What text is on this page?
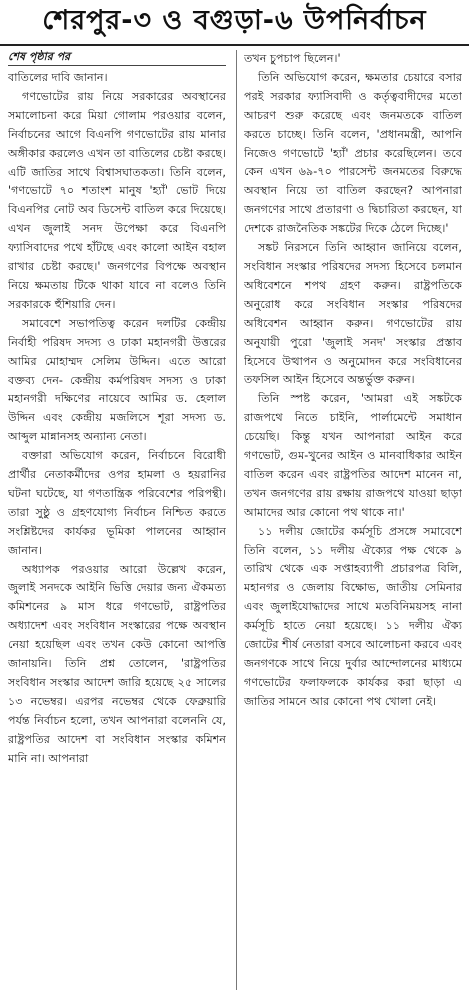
শেরপুর-৩ ও বগুড়া-৬ উপনির্বাচন

শেষ পৃষ্ঠার পর

বাতিলের দাবি জানান।

গণভোটের রায় নিয়ে সরকারের অবস্থানের সমালোচনা করে মিয়া গোলাম পরওয়ার বলেন, নির্বাচনের আগে বিএনপি গণভোটের রায় মানার অঙ্গীকার করলেও এখন তা বাতিলের চেষ্টা করছে। এটি জাতির সাথে বিশ্বাসঘাতকতা। তিনি বলেন, 'গণভোটে ৭০ শতাংশ মানুষ 'হ্যাঁ' ভোট দিয়ে বিএনপির নোট অব ডিসেন্ট বাতিল করে দিয়েছে। এখন জুলাই সনদ উপেক্ষা করে বিএনপি ফ্যাসিবাদের পথে হাঁটছে এবং কালো আইন বহাল রাখার চেষ্টা করছে।' জনগণের বিপক্ষে অবস্থান নিয়ে ক্ষমতায় টিকে থাকা যাবে না বলেও তিনি সরকারকে হুঁশিয়ারি দেন।

সমাবেশে সভাপতিত্ব করেন দলটির কেন্দ্রীয় নির্বাহী পরিষদ সদস্য ও ঢাকা মহানগরী উত্তরের আমির মোহাম্মদ সেলিম উদ্দিন। এতে আরো বক্তব্য দেন- কেন্দ্রীয় কর্মপরিষদ সদস্য ও ঢাকা মহানগরী দক্ষিণের নায়েবে আমির ড. হেলাল উদ্দিন এবং কেন্দ্রীয় মজলিসে শূরা সদস্য ড. আব্দুল মান্নানসহ অন্যান্য নেতা।

বক্তারা অভিযোগ করেন, নির্বাচনে বিরোধী প্রার্থীর নেতাকর্মীদের ওপর হামলা ও হয়রানির ঘটনা ঘটেছে, যা গণতান্ত্রিক পরিবেশের পরিপন্থী। তারা সুষ্ঠু ও গ্রহণযোগ্য নির্বাচন নিশ্চিত করতে সংশ্লিষ্টদের কার্যকর ভূমিকা পালনের আহ্বান জানান।

অধ্যাপক পরওয়ার আরো উল্লেখ করেন, জুলাই সনদকে আইনি ভিত্তি দেয়ার জন্য ঐকমত্য কমিশনের ৯ মাস ধরে গণভোট, রাষ্ট্রপতির অধ্যাদেশ এবং সংবিধান সংস্কারের পক্ষে অবস্থান নেয়া হয়েছিল এবং তখন কেউ কোনো আপত্তি জানায়নি। তিনি প্রশ্ন তোলেন, 'রাষ্ট্রপতির সংবিধান সংস্কার আদেশ জারি হয়েছে ২৫ সালের ১৩ নভেম্বর। এরপর নভেম্বর থেকে ফেব্রুয়ারি পর্যন্ত নির্বাচন হলো, তখন আপনারা বলেননি যে, রাষ্ট্রপতির আদেশ বা সংবিধান সংস্কার কমিশন মানি না। আপনারা

তখন চুপচাপ ছিলেন।'

তিনি অভিযোগ করেন, ক্ষমতার চেয়ারে বসার পরই সরকার ফ্যাসিবাদী ও কর্তৃত্ববাদীদের মতো আচরণ শুরু করেছে এবং জনমতকে বাতিল করতে চাচ্ছে। তিনি বলেন, 'প্রধানমন্ত্রী, আপনি নিজেও গণভোটে 'হ্যাঁ' প্রচার করেছিলেন। তবে কেন এখন ৬৯-৭০ পারসেন্ট জনমতের বিরুদ্ধে অবস্থান নিয়ে তা বাতিল করছেন? আপনারা জনগণের সাথে প্রতারণা ও দ্বিচারিতা করছেন, যা দেশকে রাজনৈতিক সঙ্কটের দিকে ঠেলে দিচ্ছে।'

সঙ্কট নিরসনে তিনি আহ্বান জানিয়ে বলেন, সংবিধান সংস্কার পরিষদের সদস্য হিসেবে চলমান অধিবেশনে শপথ গ্রহণ করুন। রাষ্ট্রপতিকে অনুরোধ করে সংবিধান সংস্কার পরিষদের অধিবেশন আহ্বান করুন। গণভোটের রায় অনুযায়ী পুরো 'জুলাই সনদ' সংস্কার প্রস্তাব হিসেবে উত্থাপন ও অনুমোদন করে সংবিধানের তফসিল আইন হিসেবে অন্তর্ভুক্ত করুন।

তিনি স্পষ্ট করেন, 'আমরা এই সঙ্কটকে রাজপথে নিতে চাইনি, পার্লামেন্টে সমাধান চেয়েছি। কিন্তু যখন আপনারা আইন করে গণভোট, গুম-খুনের আইন ও মানবাধিকার আইন বাতিল করেন এবং রাষ্ট্রপতির আদেশ মানেন না, তখন জনগণের রায় রক্ষায় রাজপথে যাওয়া ছাড়া আমাদের আর কোনো পথ থাকে না।'

১১ দলীয় জোটের কর্মসূচি প্রসঙ্গে সমাবেশে তিনি বলেন, ১১ দলীয় ঐক্যের পক্ষ থেকে ৯ তারিখ থেকে এক সপ্তাহব্যাপী প্রচারপত্র বিলি, মহানগর ও জেলায় বিক্ষোভ, জাতীয় সেমিনার এবং জুলাইযোদ্ধাদের সাথে মতবিনিময়সহ নানা কর্মসূচি হাতে নেয়া হয়েছে। ১১ দলীয় ঐক্য জোটের শীর্ষ নেতারা বসবে আলোচনা করবে এবং জনগণকে সাথে নিয়ে দুর্বার আন্দোলনের মাধ্যমে গণভোটের ফলাফলকে কার্যকর করা ছাড়া এ জাতির সামনে আর কোনো পথ খোলা নেই।
